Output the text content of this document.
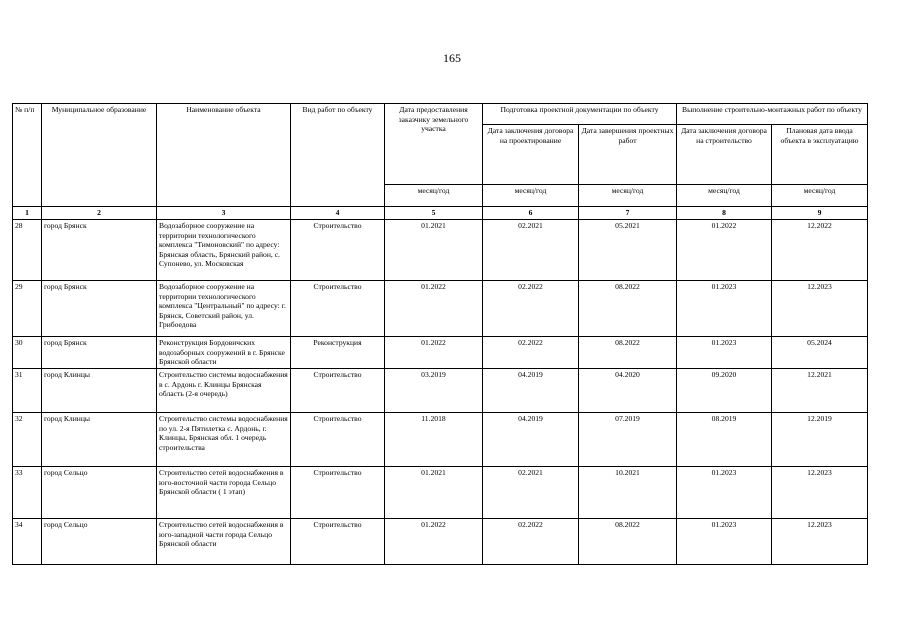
165
№ п/п	Муниципальное образование	Наименование объекта	Вид работ по объекту	Дата предоставления заказчику земельного участка	Подготовка проектной документации по объекту		Выполнение строительно-монтажных работ по объекту	
					Дата заключения договора на проектирование	Дата завершения проектных работ	Дата заключения договора на строительство	Плановая дата ввода объекта в эксплуатацию
				месяц/год	месяц/год	месяц/год	месяц/год	месяц/год
1	2	3	4	5	6	7	8	9
28	город Брянск	Водозаборное сооружение на территории технологического комплекса "Тимоновский" по адресу: Брянская область, Брянский район, с. Супонево, ул. Московская	Строительство	01.2021	02.2021	05.2021	01.2022	12.2022
29	город Брянск	Водозаборное сооружение на территории технологического комплекса "Центральный" по адресу: г. Брянск, Советский район, ул. Грибоедова	Строительство	01.2022	02.2022	08.2022	01.2023	12.2023
30	город Брянск	Реконструкция Бордовичских водозаборных сооружений в г. Брянске Брянской области	Реконструкция	01.2022	02.2022	08.2022	01.2023	05.2024
31	город Клинцы	Строительство системы водоснабжения в с. Ардонь г. Клинцы Брянская область (2-я очередь)	Строительство	03.2019	04.2019	04.2020	09.2020	12.2021
32	город Клинцы	Строительство системы водоснабжения по ул. 2-я Пятилетка с. Ардонь, г. Клинцы, Брянская обл. 1 очередь строительства	Строительство	11.2018	04.2019	07.2019	08.2019	12.2019
33	город Сельцо	Строительство сетей водоснабжения в юго-восточной части города Сельцо Брянской области ( 1 этап)	Строительство	01.2021	02.2021	10.2021	01.2023	12.2023
34	город Сельцо	Строительство сетей водоснабжения в юго-западной части города Сельцо Брянской области	Строительство	01.2022	02.2022	08.2022	01.2023	12.2023
